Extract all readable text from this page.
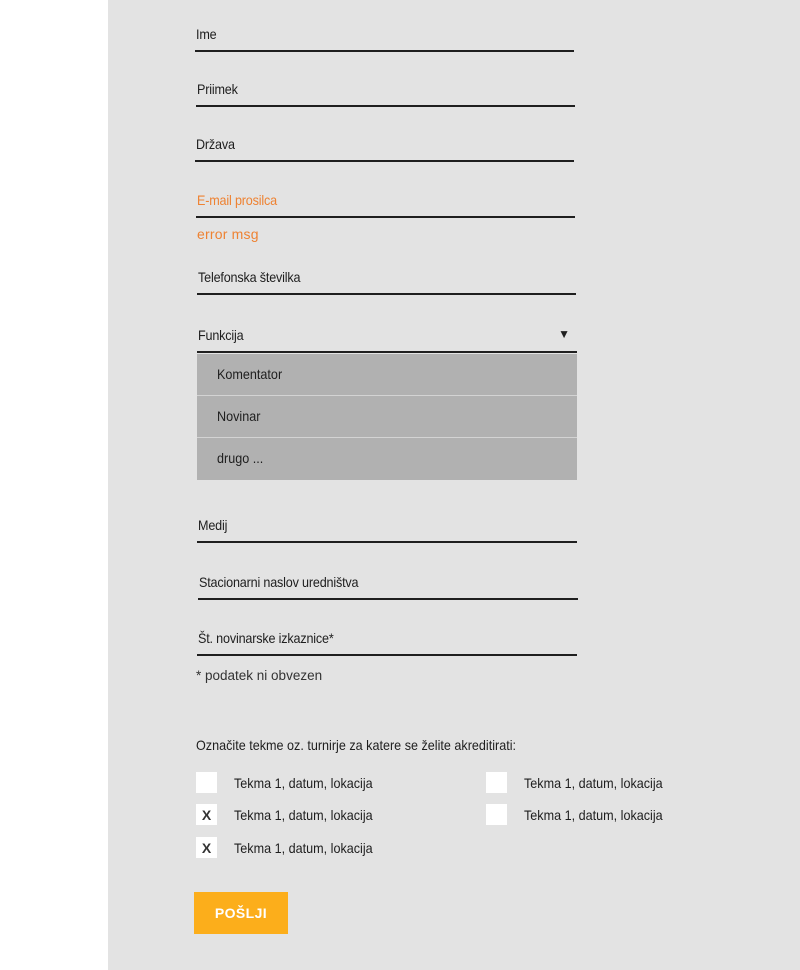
Ime
Priimek
Država
E-mail prosilca
error msg
Telefonska številka
Funkcija	▼
Komentator
Novinar
drugo ...
Medij
Stacionarni naslov uredništva
Št. novinarske izkaznice*
* podatek ni obvezen
Označite tekme oz. turnirje za katere se želite akreditirati:
Tekma 1, datum, lokacija	Tekma 1, datum, lokacija
X	Tekma 1, datum, lokacija	Tekma 1, datum, lokacija
X	Tekma 1, datum, lokacija
POŠLJI
